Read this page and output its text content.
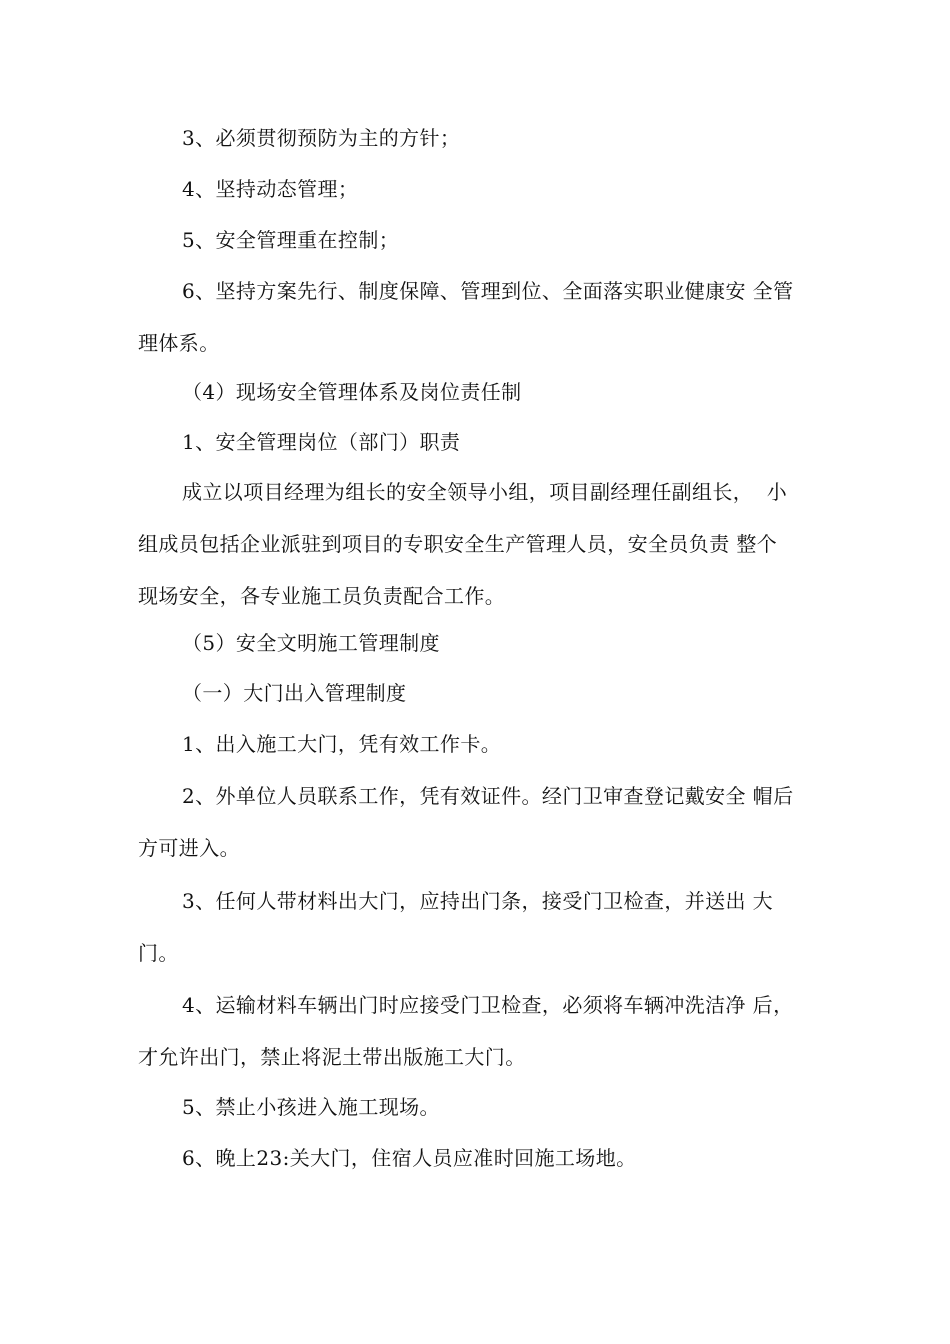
3、必须贯彻预防为主的方针；
4、坚持动态管理；
5、安全管理重在控制；
6、坚持方案先行、制度保障、管理到位、全面落实职业健康安 全管
理体系。
（4）现场安全管理体系及岗位责任制
1、安全管理岗位（部门）职责
成立以项目经理为组长的安全领导小组，项目副经理任副组长，  小
组成员包括企业派驻到项目的专职安全生产管理人员，安全员负责 整个
现场安全，各专业施工员负责配合工作。
（5）安全文明施工管理制度
（一）大门出入管理制度
1、出入施工大门，凭有效工作卡。
2、外单位人员联系工作，凭有效证件。经门卫审查登记戴安全 帽后
方可进入。
3、任何人带材料出大门，应持出门条，接受门卫检查，并送出 大
门。
4、运输材料车辆出门时应接受门卫检查，必须将车辆冲洗洁净 后，
才允许出门，禁止将泥土带出版施工大门。
5、禁止小孩进入施工现场。
6、晚上23:关大门，住宿人员应准时回施工场地。
